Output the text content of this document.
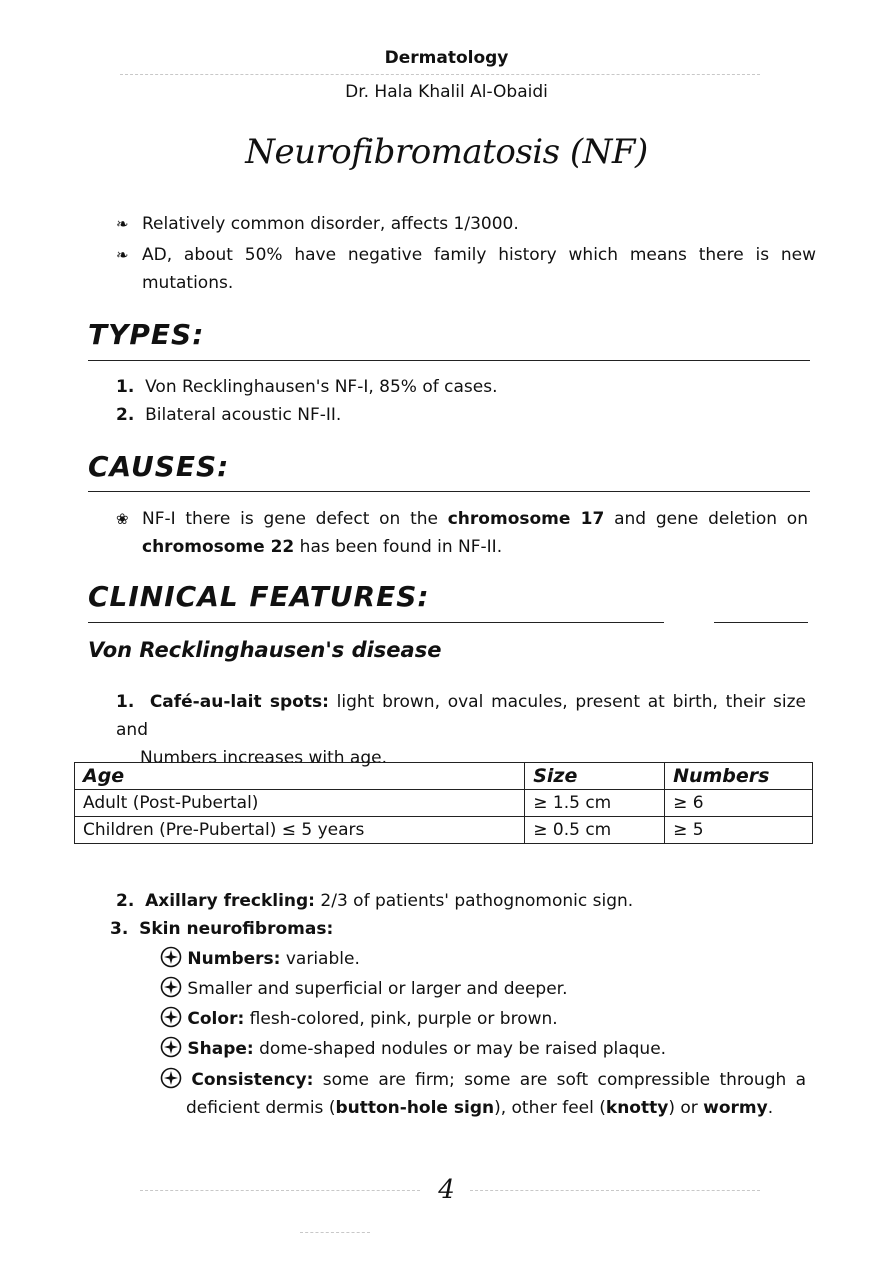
Dermatology
Dr. Hala Khalil Al-Obaidi
Neurofibromatosis (NF)
❧ Relatively common disorder, affects 1/3000.
❧ AD, about 50% have negative family history which means there is new
mutations.
TYPES:
1. Von Recklinghausen's NF-I, 85% of cases.
2. Bilateral acoustic NF-II.
CAUSES:
❀ NF-I there is gene defect on the chromosome 17 and gene deletion on
chromosome 22 has been found in NF-II.
CLINICAL FEATURES:
Von Recklinghausen's disease
1. Café-au-lait spots: light brown, oval macules, present at birth, their size and
Numbers increases with age.
Age	Size	Numbers
Adult (Post-Pubertal)	≥ 1.5 cm	≥ 6
Children (Pre-Pubertal) ≤ 5 years	≥ 0.5 cm	≥ 5
2. Axillary freckling: 2/3 of patients' pathognomonic sign.
3. Skin neurofibromas:
Numbers: variable.
Smaller and superficial or larger and deeper.
Color: flesh-colored, pink, purple or brown.
Shape: dome-shaped nodules or may be raised plaque.
Consistency: some are firm; some are soft compressible through a
deficient dermis (button-hole sign), other feel (knotty) or wormy.
4
